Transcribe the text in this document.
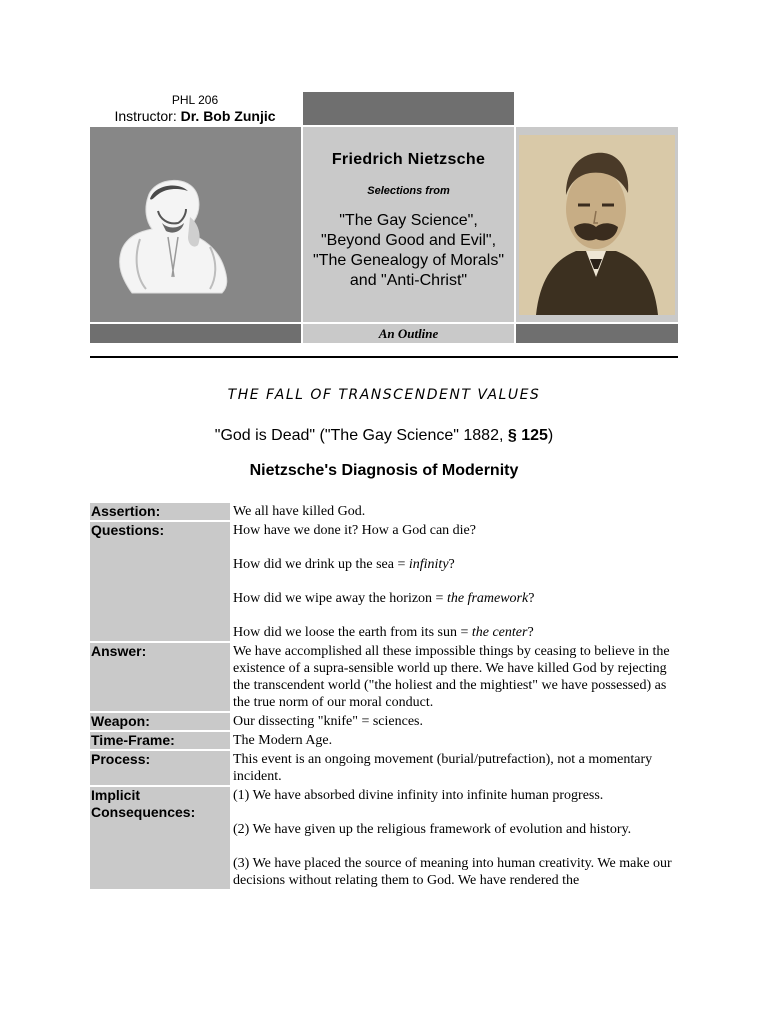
PHL 206
Instructor: Dr. Bob Zunjic
Friedrich Nietzsche
Selections from
"The Gay Science",
"Beyond Good and Evil",
"The Genealogy of Morals"
and "Anti-Christ"
An Outline
THE FALL OF TRANSCENDENT VALUES
"God is Dead" ("The Gay Science" 1882, § 125)
Nietzsche's Diagnosis of Modernity
Assertion:	We all have killed God.
Questions:	How have we done it? How a God can die?
How did we drink up the sea = infinity?
How did we wipe away the horizon = the framework?
How did we loose the earth from its sun = the center?

Answer:	We have accomplished all these impossible things by ceasing to believe in the existence of a supra-sensible world up there. We have killed God by rejecting the transcendent world ("the holiest and the mightiest" we have possessed) as the true norm of our moral conduct.
Weapon:	Our dissecting "knife" = sciences.
Time-Frame:	The Modern Age.
Process:	This event is an ongoing movement (burial/putrefaction), not a momentary incident.
Implicit Consequences:	(1) We have absorbed divine infinity into infinite human progress.
(2) We have given up the religious framework of evolution and history.
(3) We have placed the source of meaning into human creativity. We make our decisions without relating them to God. We have rendered the
